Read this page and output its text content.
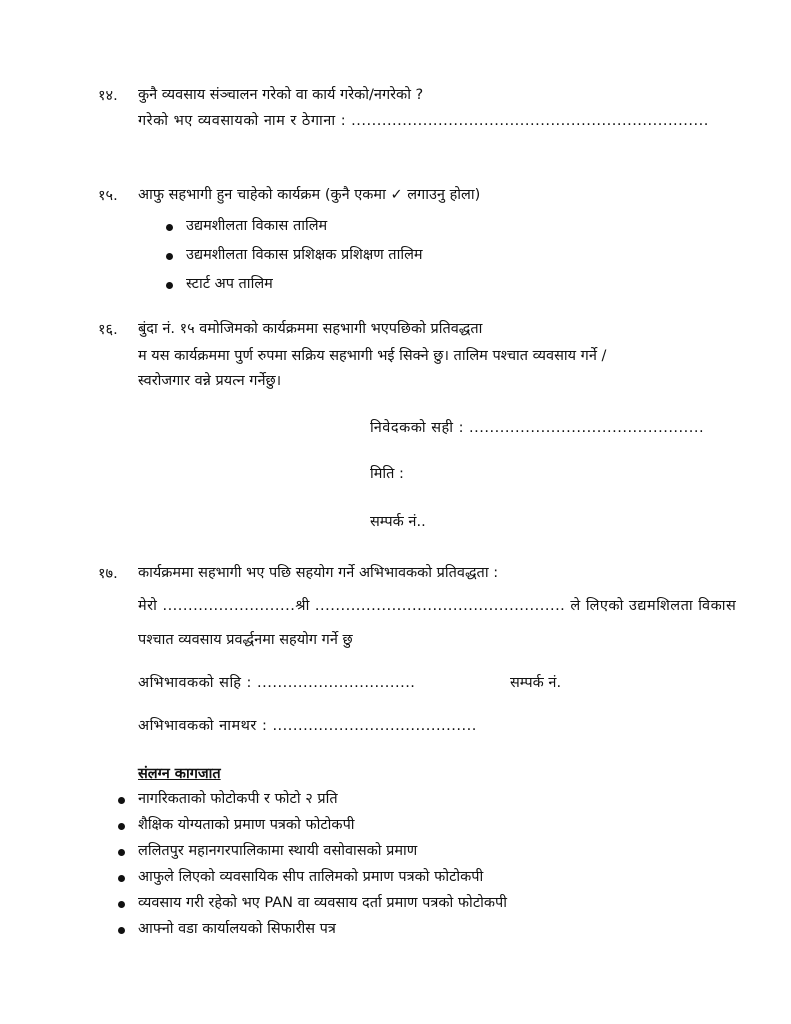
१४. कुनै व्यवसाय संञ्चालन गरेको वा कार्य गरेको/नगरेको ?
गरेको भए व्यवसायको नाम र ठेगाना : ......................................................................
१५. आफु सहभागी हुन चाहेको कार्यक्रम (कुनै एकमा ✓ लगाउनु होला)
उद्यमशीलता विकास तालिम
उद्यमशीलता विकास प्रशिक्षक प्रशिक्षण तालिम
स्टार्ट अप तालिम
१६. बुंदा नं. १५ वमोजिमको कार्यक्रममा सहभागी भएपछिको प्रतिवद्धता
म यस कार्यक्रममा पुर्ण रुपमा सक्रिय सहभागी भई सिक्ने छु। तालिम पश्चात व्यवसाय गर्ने /
स्वरोजगार वन्ने प्रयत्न गर्नेछु।
निवेदकको सही : ..............................................
मिति :
सम्पर्क नं..
१७. कार्यक्रममा सहभागी भए पछि सहयोग गर्ने अभिभावकको प्रतिवद्धता :
मेरो ..........................श्री ................................................. ले लिएको उद्यमशिलता विकास
पश्चात व्यवसाय प्रवर्द्धनमा सहयोग गर्ने छु
अभिभावकको सहि : ...............................	सम्पर्क नं.
अभिभावकको नामथर : ........................................
संलग्न कागजात
नागरिकताको फोटोकपी र फोटो २ प्रति
शैक्षिक योग्यताको प्रमाण पत्रको फोटोकपी
ललितपुर महानगरपालिकामा स्थायी वसोवासको प्रमाण
आफुले लिएको व्यवसायिक सीप तालिमको प्रमाण पत्रको फोटोकपी
व्यवसाय गरी रहेको भए PAN वा व्यवसाय दर्ता प्रमाण पत्रको फोटोकपी
आफ्नो वडा कार्यालयको सिफारीस पत्र
